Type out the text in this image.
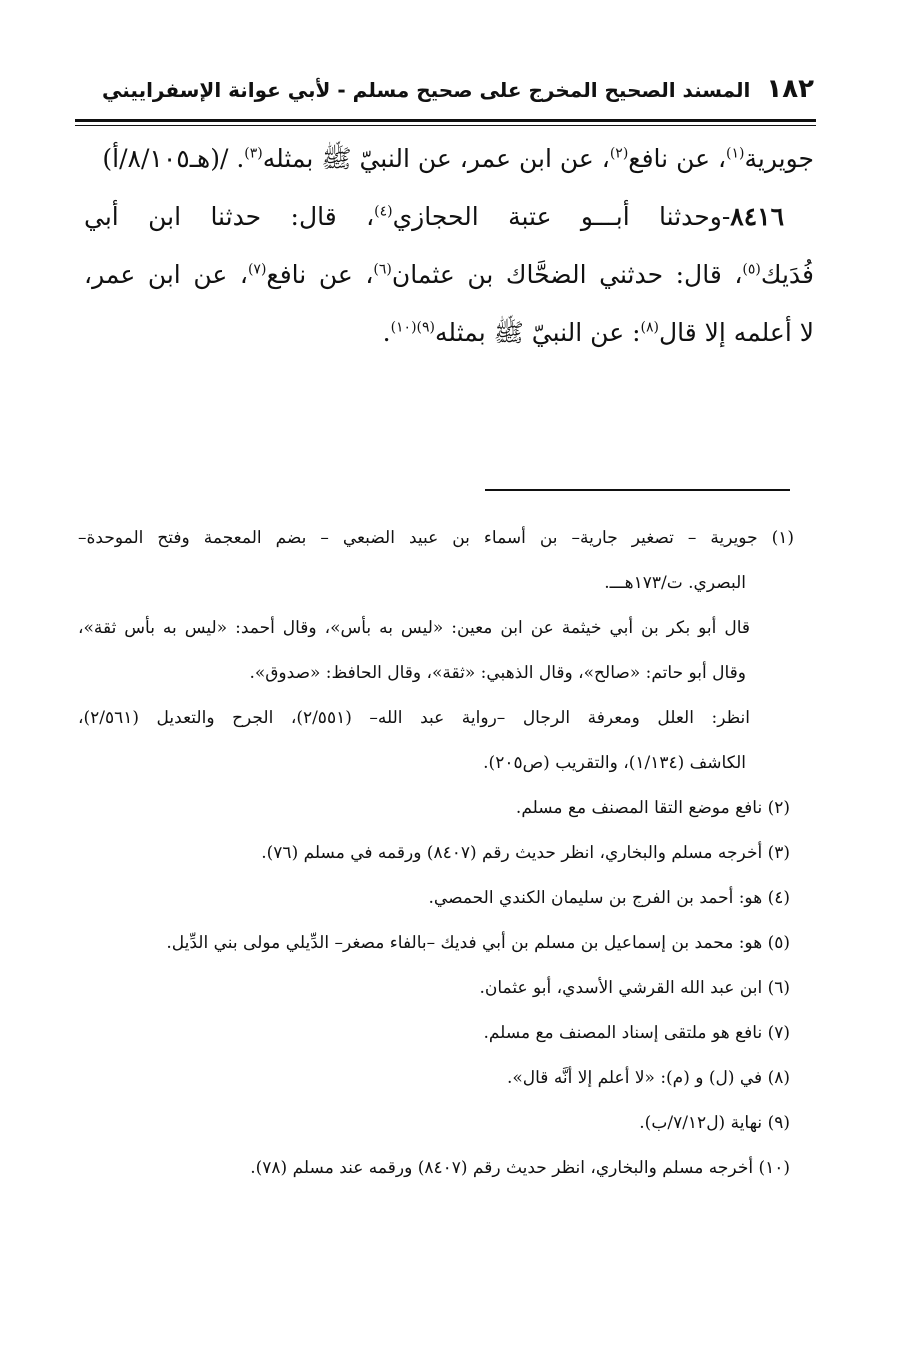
١٨٢
المسند الصحيح المخرج على صحيح مسلم - لأبي عوانة الإسفراييني
جويرية$^{(١)}$، عن نافع$^{(٢)}$، عن ابن عمر، عن النبيّ ﷺ بمثله$^{(٣)}$. /(هـ٨/١٠٥/أ)
٨٤١٦-وحدثنا أبـــو عتبة الحجازي$^{(٤)}$، قال: حدثنا ابن أبي
فُدَيك$^{(٥)}$، قال: حدثني الضحَّاك بن عثمان$^{(٦)}$، عن نافع$^{(٧)}$، عن ابن عمر،
لا أعلمه إلا قال$^{(٨)}$: عن النبيّ ﷺ بمثله$^{(٩)(١٠)}$.
(١) جويرية – تصغير جارية– بن أسماء بن عبيد الضبعي – بضم المعجمة وفتح الموحدة–
البصري. ت/١٧٣هـــ.
قال أبو بكر بن أبي خيثمة عن ابن معين: «ليس به بأس»، وقال أحمد: «ليس به بأس ثقة»،
وقال أبو حاتم: «صالح»، وقال الذهبي: «ثقة»، وقال الحافظ: «صدوق».
انظر: العلل ومعرفة الرجال –رواية عبد الله– (٢/٥٥١)، الجرح والتعديل (٢/٥٦١)،
الكاشف (١/١٣٤)، والتقريب (ص٢٠٥).
(٢) نافع موضع التقا المصنف مع مسلم.
(٣) أخرجه مسلم والبخاري، انظر حديث رقم (٨٤٠٧) ورقمه في مسلم (٧٦).
(٤) هو: أحمد بن الفرج بن سليمان الكندي الحمصي.
(٥) هو: محمد بن إسماعيل بن مسلم بن أبي فديك –بالفاء مصغر– الدِّيلي مولى بني الدِّيل.
(٦) ابن عبد الله القرشي الأسدي، أبو عثمان.
(٧) نافع هو ملتقى إسناد المصنف مع مسلم.
(٨) في (ل) و (م): «لا أعلم إلا أنَّه قال».
(٩) نهاية (ل٧/١٢/ب).
(١٠) أخرجه مسلم والبخاري، انظر حديث رقم (٨٤٠٧) ورقمه عند مسلم (٧٨).
